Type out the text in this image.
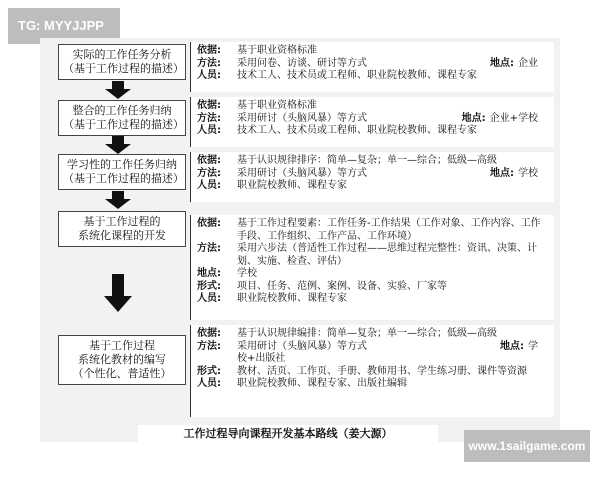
TG: MYYJJPP
实际的工作任务分析
（基于工作过程的描述）
整合的工作任务归纳
（基于工作过程的描述）
学习性的工作任务归纳
（基于工作过程的描述）
基于工作过程的
系统化课程的开发
基于工作过程
系统化教材的编写
（个性化、普适性）
依据:	基于职业资格标准
方法:	采用问卷、访谈、研讨等方式	地点: 企业
人员:	技术工人、技术员或工程师、职业院校教师、课程专家
依据:	基于职业资格标准
方法:	采用研讨（头脑风暴）等方式	地点: 企业+学校
人员:	技术工人、技术员或工程师、职业院校教师、课程专家
依据:	基于认识规律排序：简单—复杂；单一—综合；低级—高级
方法:	采用研讨（头脑风暴）等方式	地点: 学校
人员:	职业院校教师、课程专家
依据:	基于工作过程要素：工作任务-工作结果（工作对象、工作内容、工作手段、工作组织、工作产品、工作环境）
方法:	采用六步法（普适性工作过程——思维过程完整性：资讯、决策、计划、实施、检查、评估）
地点:	学校
形式:	项目、任务、范例、案例、设备、实验、厂家等
人员:	职业院校教师、课程专家
依据:	基于认识规律编排：简单—复杂；单一—综合；低级—高级
方法:	采用研讨（头脑风暴）等方式	地点: 学
校+出版社
形式:	教材、活页、工作页、手册、教师用书、学生练习册、课件等资源
人员:	职业院校教师、课程专家、出版社编辑
工作过程导向课程开发基本路线（姜大源）
www.1sailgame.com
